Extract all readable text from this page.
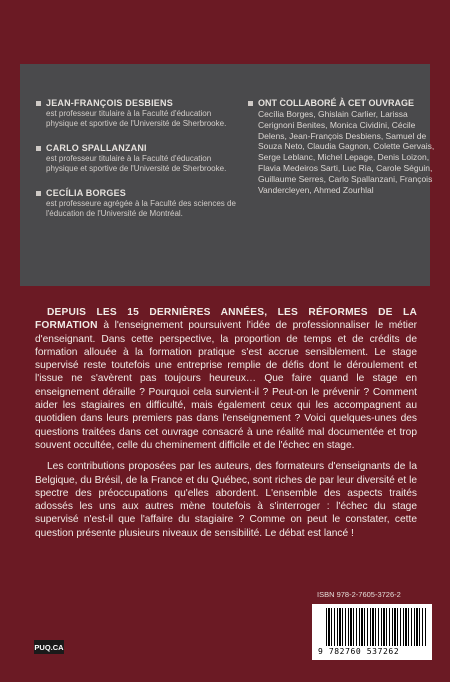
JEAN-FRANÇOIS DESBIENS
est professeur titulaire à la Faculté d'éducation physique et sportive de l'Université de Sherbrooke.
CARLO SPALLANZANI
est professeur titulaire à la Faculté d'éducation physique et sportive de l'Université de Sherbrooke.
CECÍLIA BORGES
est professeure agrégée à la Faculté des sciences de l'éducation de l'Université de Montréal.
ONT COLLABORÉ À CET OUVRAGE
Cecília Borges, Ghislain Carlier, Larissa Cerignoni Benites, Monica Cividini, Cécile Delens, Jean-François Desbiens, Samuel de Souza Neto, Claudia Gagnon, Colette Gervais, Serge Leblanc, Michel Lepage, Denis Loizon, Flavia Medeiros Sarti, Luc Ria, Carole Séguin, Guillaume Serres, Carlo Spallanzani, François Vandercleyen, Ahmed Zourhlal

DEPUIS LES 15 DERNIÈRES ANNÉES, LES RÉFORMES DE LA FORMATION à l'enseignement poursuivent l'idée de professionnaliser le métier d'enseignant. Dans cette perspective, la proportion de temps et de crédits de formation allouée à la formation pratique s'est accrue sensiblement. Le stage supervisé reste toutefois une entreprise remplie de défis dont le déroulement et l'issue ne s'avèrent pas toujours heureux… Que faire quand le stage en enseignement déraille ? Pourquoi cela survient-il ? Peut-on le prévenir ? Comment aider les stagiaires en difficulté, mais également ceux qui les accompagnent au quotidien dans leurs premiers pas dans l'enseignement ? Voici quelques-unes des questions traitées dans cet ouvrage consacré à une réalité mal documentée et trop souvent occultée, celle du cheminement difficile et de l'échec en stage.

Les contributions proposées par les auteurs, des formateurs d'enseignants de la Belgique, du Brésil, de la France et du Québec, sont riches de par leur diversité et le spectre des préoccupations qu'elles abordent. L'ensemble des aspects traités adossés les uns aux autres mène toutefois à s'interroger : l'échec du stage supervisé n'est-il que l'affaire du stagiaire ? Comme on peut le constater, cette question présente plusieurs niveaux de sensibilité. Le débat est lancé !

ISBN 978-2-7605-3726-2
9 782760 537262
PUQ.CA
